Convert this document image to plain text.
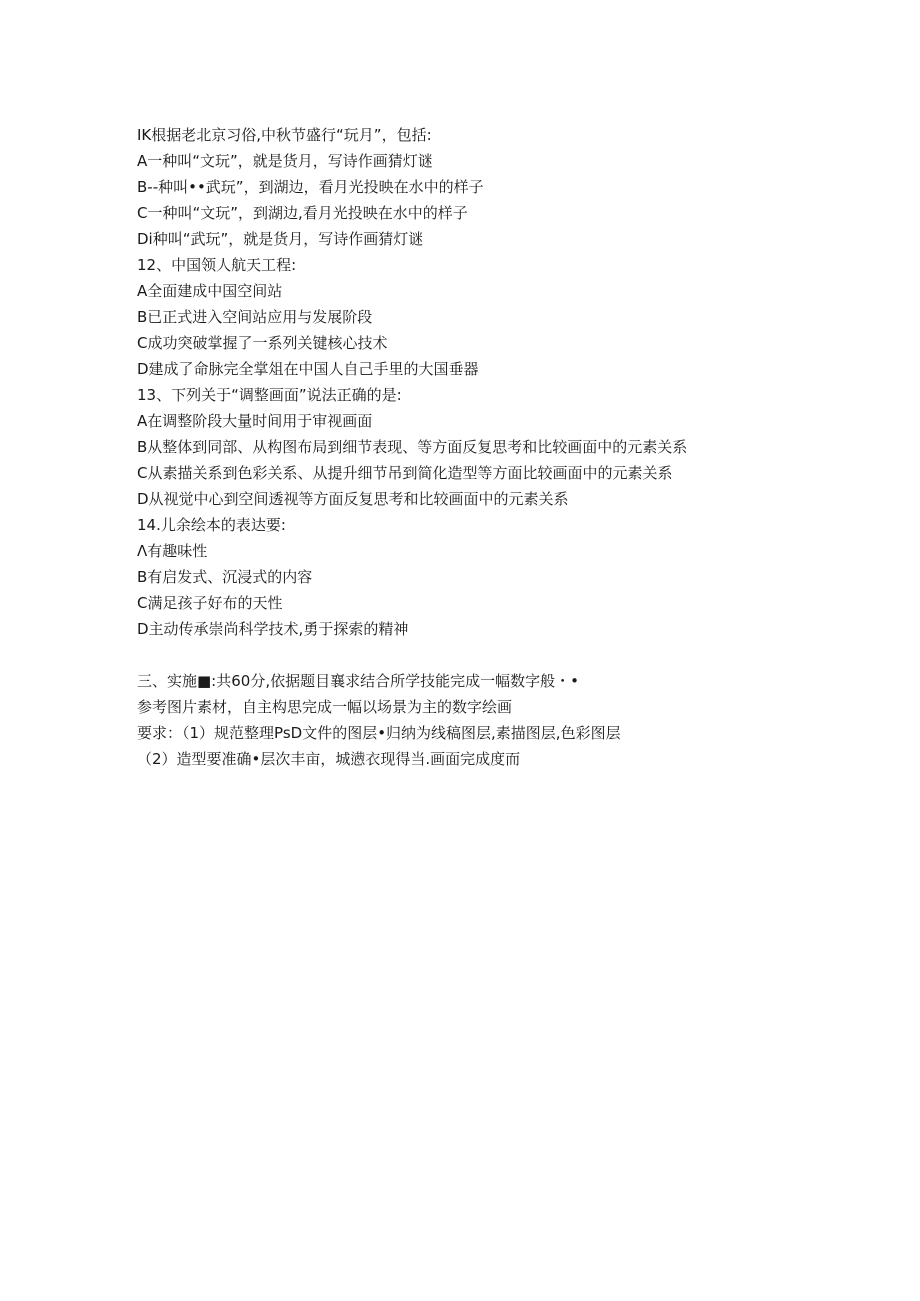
IK根据老北京习俗,中秋节盛行“玩月”，包括:
A一种叫“文玩”，就是货月，写诗作画猜灯谜
B--种叫••武玩”，到湖边，看月光投映在水中的样子
C一种叫“文玩”，到湖边,看月光投映在水中的样子
Di种叫“武玩”，就是货月，写诗作画猜灯谜
12、中国领人航天工程:
A全面建成中国空间站
B已正式进入空间站应用与发展阶段
C成功突破掌握了一系列关键核心技术
D建成了命脉完全掌俎在中国人自己手里的大国垂器
13、下列关于“调整画面”说法正确的是:
A在调整阶段大量时间用于审视画面
B从整体到同部、从构图布局到细节表现、等方面反复思考和比较画面中的元素关系
C从素描关系到色彩关系、从提升细节吊到简化造型等方面比较画面中的元素关系
D从视觉中心到空间透视等方面反复思考和比较画面中的元素关系
14.儿余绘本的表达要:
Λ有趣味性
B有启发式、沉浸式的内容
C满足孩子好布的天性
D主动传承崇尚科学技术,勇于探索的精神
三、实施■:共60分,依据题目襄求结合所学技能完成一幅数字般・•
参考图片素材，自主构思完成一幅以场景为主的数字绘画
要求：（1）规范整理PsD文件的图层•归纳为线稿图层,素描图层,色彩图层
（2）造型要准确•层次丰亩，城懑衣现得当.画面完成度而
